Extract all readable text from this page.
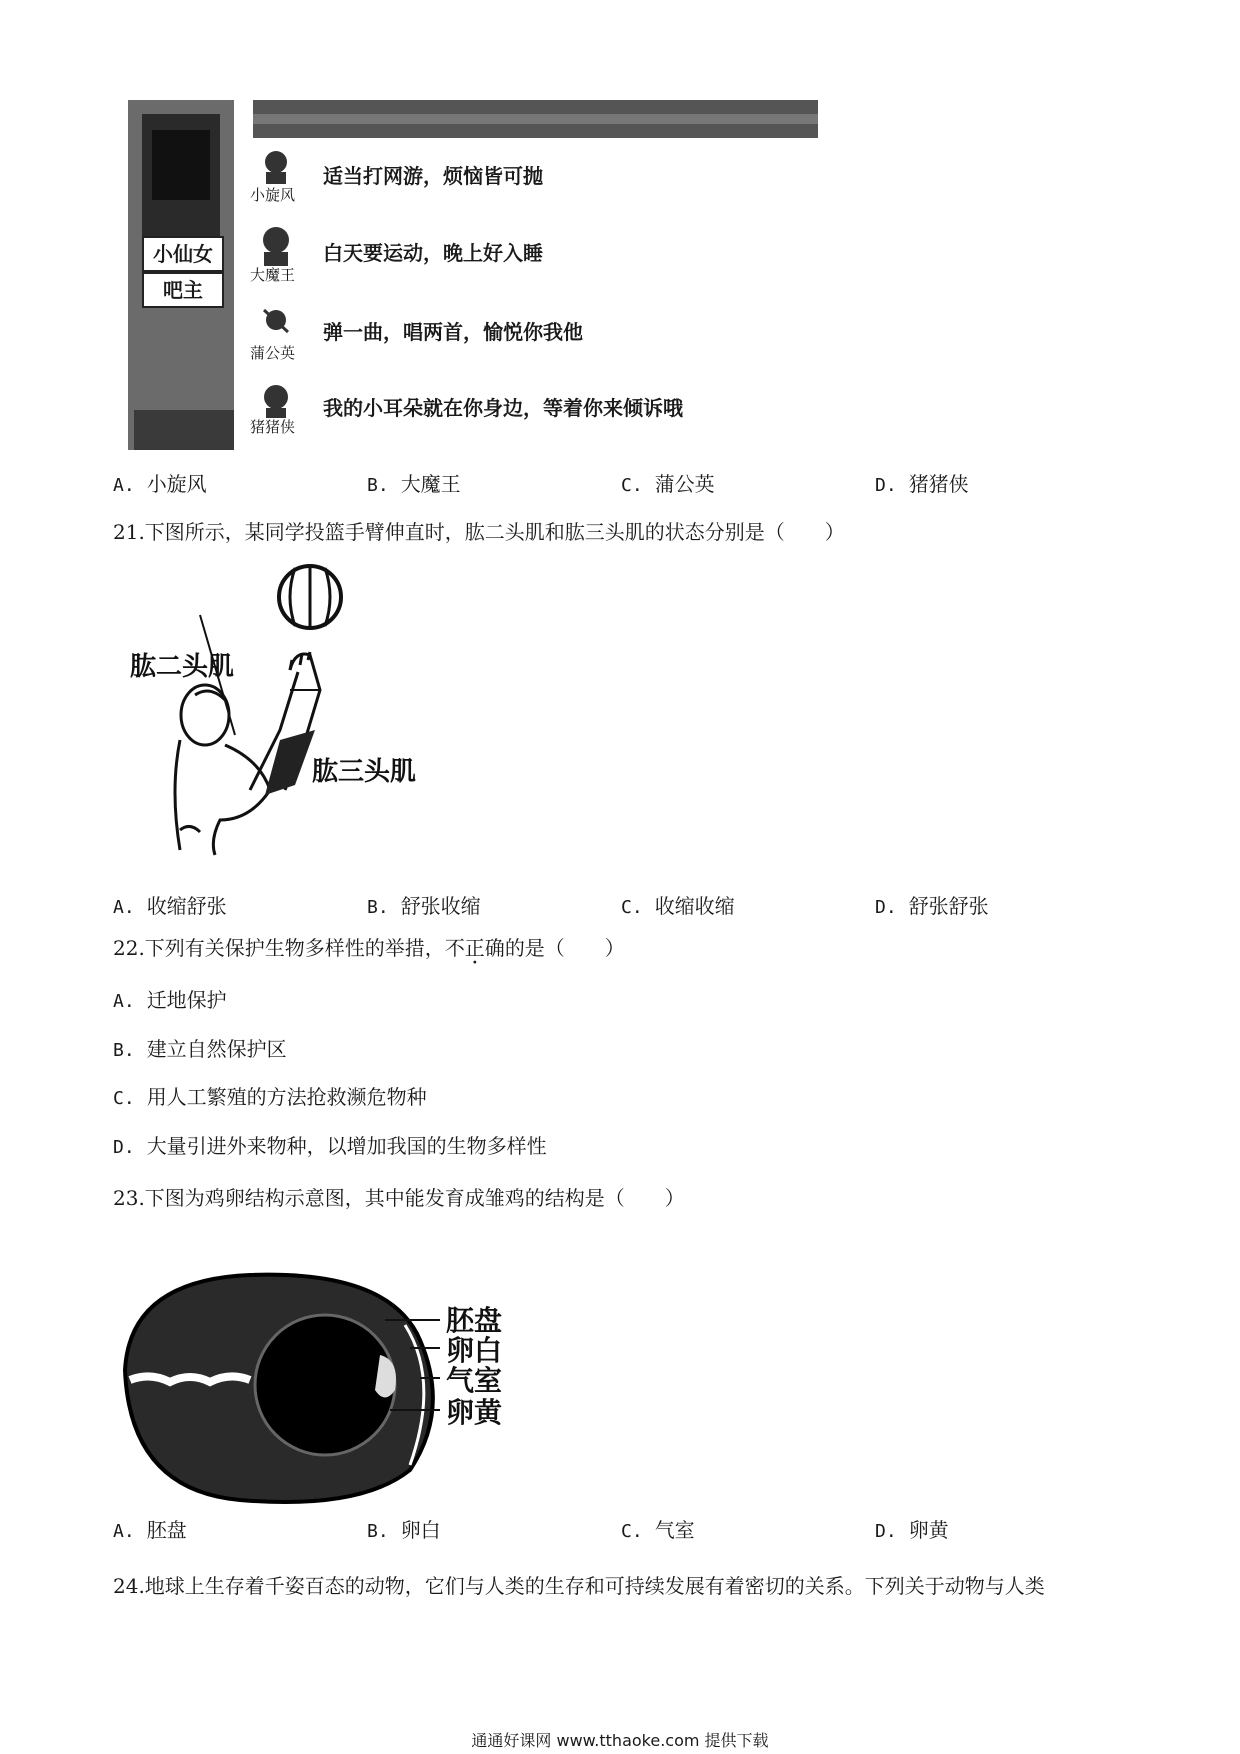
小仙女
吧主
小旋风
适当打网游，烦恼皆可抛
大魔王
白天要运动，晚上好入睡
蒲公英
弹一曲，唱两首，愉悦你我他
猪猪侠
我的小耳朵就在你身边，等着你来倾诉哦
A. 小旋风	B. 大魔王	C. 蒲公英	D. 猪猪侠
21.下图所示，某同学投篮手臂伸直时，肱二头肌和肱三头肌的状态分别是（　　）
肱二头肌
肱三头肌
A. 收缩舒张	B. 舒张收缩	C. 收缩收缩	D. 舒张舒张
22.下列有关保护生物多样性的举措，不正确的是（　　）
A. 迁地保护
B. 建立自然保护区
C. 用人工繁殖的方法抢救濒危物种
D. 大量引进外来物种，以增加我国的生物多样性
23.下图为鸡卵结构示意图，其中能发育成雏鸡的结构是（　　）
胚盘
卵白
气室
卵黄
A. 胚盘	B. 卵白	C. 气室	D. 卵黄
24.地球上生存着千姿百态的动物，它们与人类的生存和可持续发展有着密切的关系。下列关于动物与人类
通通好课网 www.tthaoke.com 提供下载
